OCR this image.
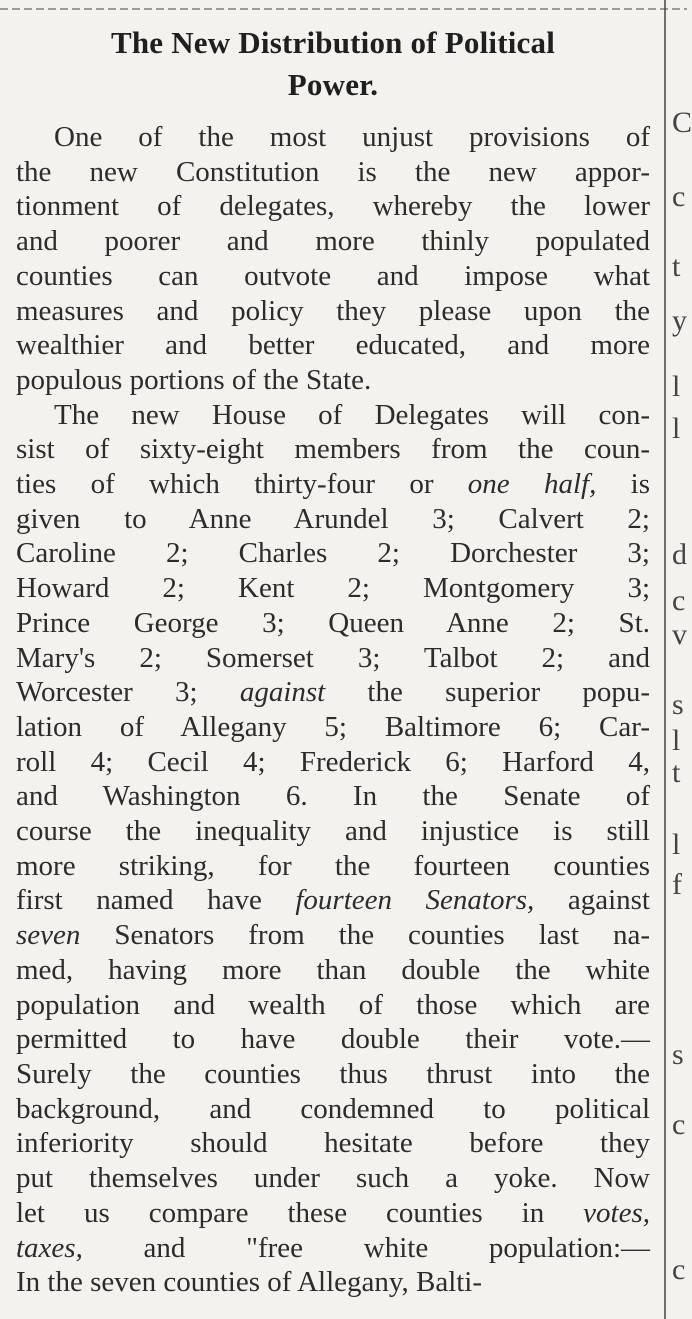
C
c
t
y
l
l
d
c
v
s
l
t
l
f
s
c
c
The New Distribution of Political
Power.
One of the most unjust provisions of
the new Constitution is the new appor-
tionment of delegates, whereby the lower
and poorer and more thinly populated
counties can outvote and impose what
measures and policy they please upon the
wealthier and better educated, and more
populous portions of the State.
The new House of Delegates will con-
sist of sixty-eight members from the coun-
ties of which thirty-four or one half, is
given to Anne Arundel 3; Calvert 2;
Caroline 2; Charles 2; Dorchester 3;
Howard 2; Kent 2; Montgomery 3;
Prince George 3; Queen Anne 2; St.
Mary's 2; Somerset 3; Talbot 2; and
Worcester 3; against the superior popu-
lation of Allegany 5; Baltimore 6; Car-
roll 4; Cecil 4; Frederick 6; Harford 4,
and Washington 6. In the Senate of
course the inequality and injustice is still
more striking, for the fourteen counties
first named have fourteen Senators, against
seven Senators from the counties last na-
med, having more than double the white
population and wealth of those which are
permitted to have double their vote.—
Surely the counties thus thrust into the
background, and condemned to political
inferiority should hesitate before they
put themselves under such a yoke. Now
let us compare these counties in votes,
taxes, and "free white population:—
In the seven counties of Allegany, Balti-
